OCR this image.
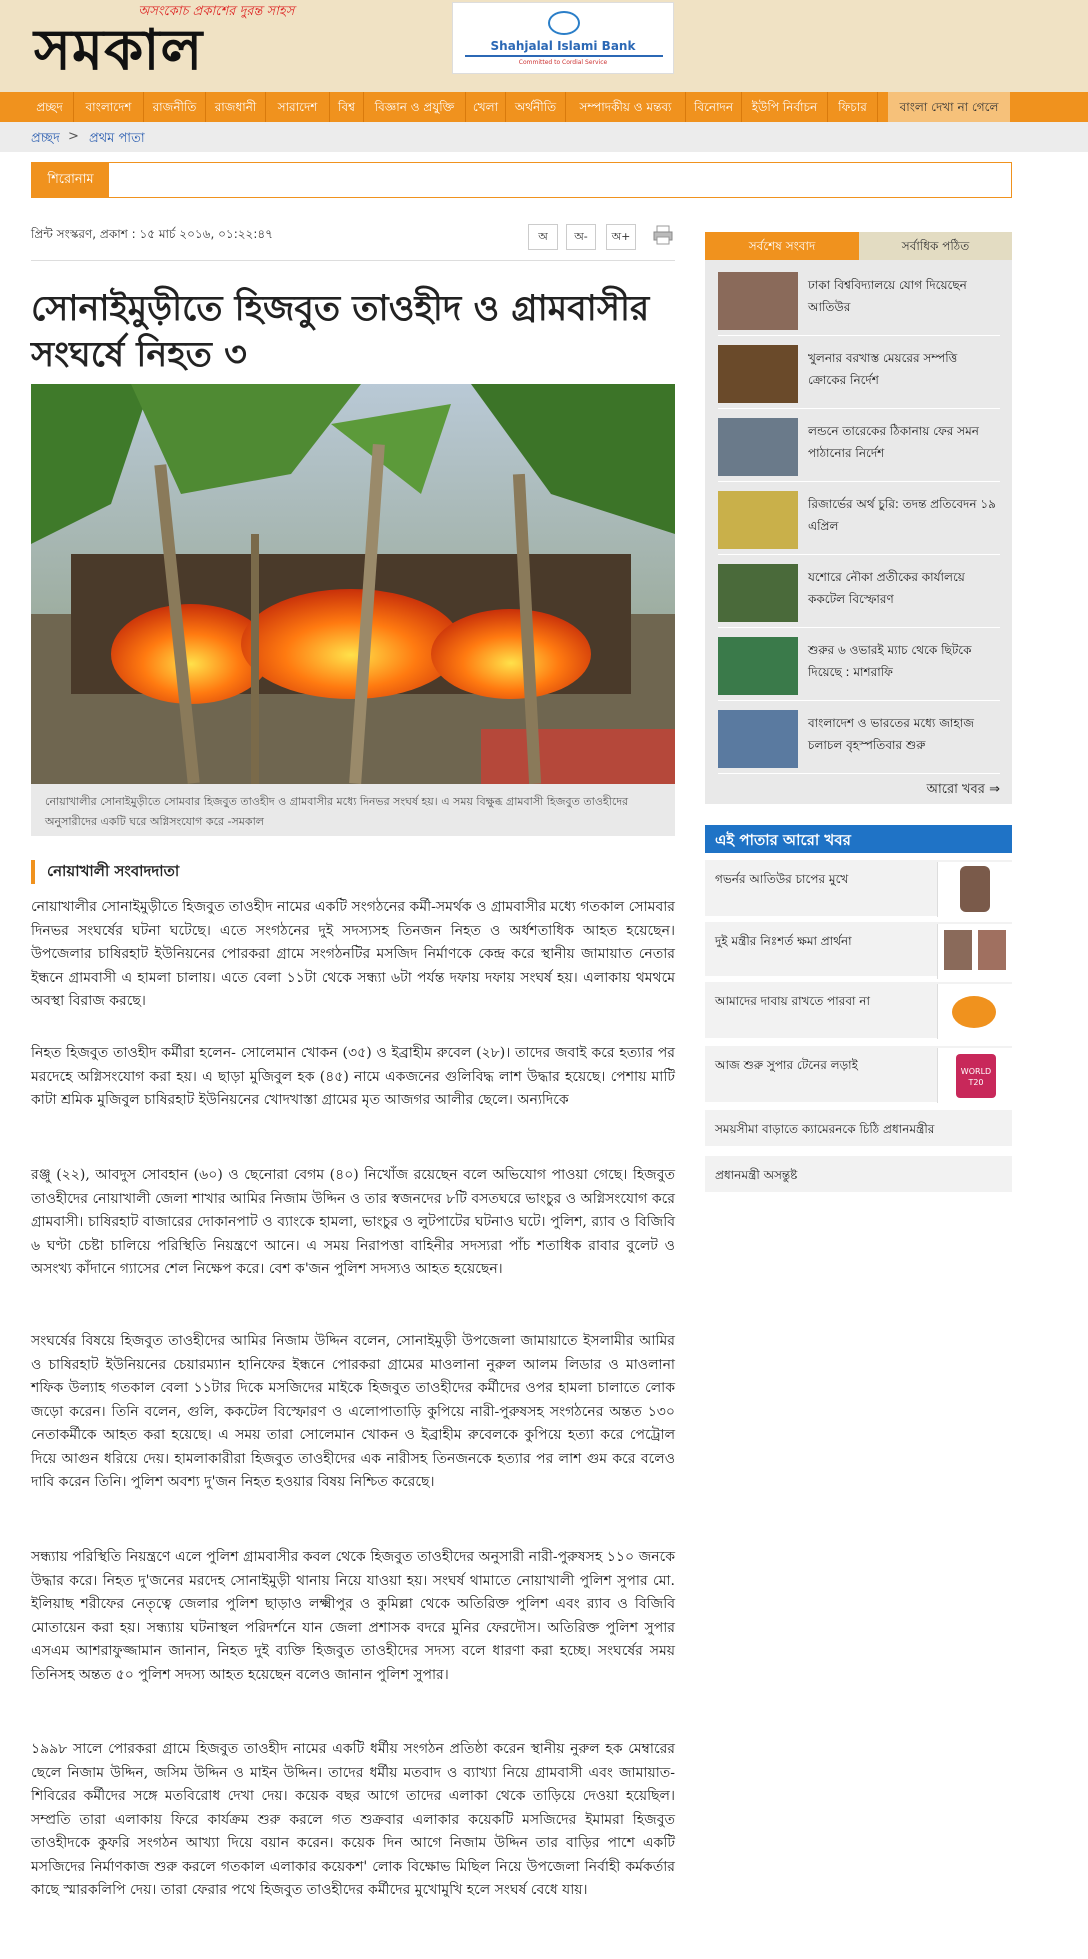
অসংকোচ প্রকাশের দুরন্ত সাহস
সমকাল	Shahjalal Islami Bank
Committed to Cordial Service
প্রচ্ছদ	বাংলাদেশ	রাজনীতি	রাজধানী	সারাদেশ	বিশ্ব	বিজ্ঞান ও প্রযুক্তি	খেলা	অর্থনীতি	সম্পাদকীয় ও মন্তব্য	বিনোদন	ইউপি নির্বাচন	ফিচার	বাংলা দেখা না গেলে
প্রচ্ছদ > প্রথম পাতা
শিরোনাম
প্রিন্ট সংস্করণ, প্রকাশ : ১৫ মার্চ ২০১৬, ০১:২২:৪৭	অ	অ-	অ+
সোনাইমুড়ীতে হিজবুত তাওহীদ ও গ্রামবাসীর সংঘর্ষে নিহত ৩
নোয়াখালীর সোনাইমুড়ীতে সোমবার হিজবুত তাওহীদ ও গ্রামবাসীর মধ্যে দিনভর সংঘর্ষ হয়। এ সময় বিক্ষুব্ধ গ্রামবাসী হিজবুত তাওহীদের অনুসারীদের একটি ঘরে অগ্নিসংযোগ করে -সমকাল
নোয়াখালী সংবাদদাতা

নোয়াখালীর সোনাইমুড়ীতে হিজবুত তাওহীদ নামের একটি সংগঠনের কর্মী-সমর্থক ও গ্রামবাসীর মধ্যে গতকাল সোমবার দিনভর সংঘর্ষের ঘটনা ঘটেছে। এতে সংগঠনের দুই সদস্যসহ তিনজন নিহত ও অর্ধশতাধিক আহত হয়েছেন। উপজেলার চাষিরহাট ইউনিয়নের পোরকরা গ্রামে সংগঠনটির মসজিদ নির্মাণকে কেন্দ্র করে স্থানীয় জামায়াত নেতার ইন্ধনে গ্রামবাসী এ হামলা চালায়। এতে বেলা ১১টা থেকে সন্ধ্যা ৬টা পর্যন্ত দফায় দফায় সংঘর্ষ হয়। এলাকায় থমথমে অবস্থা বিরাজ করছে।

নিহত হিজবুত তাওহীদ কর্মীরা হলেন- সোলেমান খোকন (৩৫) ও ইব্রাহীম রুবেল (২৮)। তাদের জবাই করে হত্যার পর মরদেহে অগ্নিসংযোগ করা হয়। এ ছাড়া মুজিবুল হক (৪৫) নামে একজনের গুলিবিদ্ধ লাশ উদ্ধার হয়েছে। পেশায় মাটি কাটা শ্রমিক মুজিবুল চাষিরহাট ইউনিয়নের খোদখাস্তা গ্রামের মৃত আজগর আলীর ছেলে। অন্যদিকে

রঞ্জু (২২), আবদুস সোবহান (৬০) ও ছেনোরা বেগম (৪০) নিখোঁজ রয়েছেন বলে অভিযোগ পাওয়া গেছে। হিজবুত তাওহীদের নোয়াখালী জেলা শাখার আমির নিজাম উদ্দিন ও তার স্বজনদের ৮টি বসতঘরে ভাংচুর ও অগ্নিসংযোগ করে গ্রামবাসী। চাষিরহাট বাজারের দোকানপাট ও ব্যাংকে হামলা, ভাংচুর ও লুটপাটের ঘটনাও ঘটে। পুলিশ, র‍্যাব ও বিজিবি ৬ ঘণ্টা চেষ্টা চালিয়ে পরিস্থিতি নিয়ন্ত্রণে আনে। এ সময় নিরাপত্তা বাহিনীর সদস্যরা পাঁচ শতাধিক রাবার বুলেট ও অসংখ্য কাঁদানে গ্যাসের শেল নিক্ষেপ করে। বেশ ক'জন পুলিশ সদস্যও আহত হয়েছেন।

সংঘর্ষের বিষয়ে হিজবুত তাওহীদের আমির নিজাম উদ্দিন বলেন, সোনাইমুড়ী উপজেলা জামায়াতে ইসলামীর আমির ও চাষিরহাট ইউনিয়নের চেয়ারম্যান হানিফের ইন্ধনে পোরকরা গ্রামের মাওলানা নুরুল আলম লিডার ও মাওলানা শফিক উল্যাহ গতকাল বেলা ১১টার দিকে মসজিদের মাইকে হিজবুত তাওহীদের কর্মীদের ওপর হামলা চালাতে লোক জড়ো করেন। তিনি বলেন, গুলি, ককটেল বিস্ফোরণ ও এলোপাতাড়ি কুপিয়ে নারী-পুরুষসহ সংগঠনের অন্তত ১৩০ নেতাকর্মীকে আহত করা হয়েছে। এ সময় তারা সোলেমান খোকন ও ইব্রাহীম রুবেলকে কুপিয়ে হত্যা করে পেট্রোল দিয়ে আগুন ধরিয়ে দেয়। হামলাকারীরা হিজবুত তাওহীদের এক নারীসহ তিনজনকে হত্যার পর লাশ গুম করে বলেও দাবি করেন তিনি। পুলিশ অবশ্য দু'জন নিহত হওয়ার বিষয় নিশ্চিত করেছে।

সন্ধ্যায় পরিস্থিতি নিয়ন্ত্রণে এলে পুলিশ গ্রামবাসীর কবল থেকে হিজবুত তাওহীদের অনুসারী নারী-পুরুষসহ ১১০ জনকে উদ্ধার করে। নিহত দু'জনের মরদেহ সোনাইমুড়ী থানায় নিয়ে যাওয়া হয়। সংঘর্ষ থামাতে নোয়াখালী পুলিশ সুপার মো. ইলিয়াছ শরীফের নেতৃত্বে জেলার পুলিশ ছাড়াও লক্ষ্মীপুর ও কুমিল্লা থেকে অতিরিক্ত পুলিশ এবং র‍্যাব ও বিজিবি মোতায়েন করা হয়। সন্ধ্যায় ঘটনাস্থল পরিদর্শনে যান জেলা প্রশাসক বদরে মুনির ফেরদৌস। অতিরিক্ত পুলিশ সুপার এসএম আশরাফুজ্জামান জানান, নিহত দুই ব্যক্তি হিজবুত তাওহীদের সদস্য বলে ধারণা করা হচ্ছে। সংঘর্ষের সময় তিনিসহ অন্তত ৫০ পুলিশ সদস্য আহত হয়েছেন বলেও জানান পুলিশ সুপার।

১৯৯৮ সালে পোরকরা গ্রামে হিজবুত তাওহীদ নামের একটি ধর্মীয় সংগঠন প্রতিষ্ঠা করেন স্থানীয় নুরুল হক মেম্বারের ছেলে নিজাম উদ্দিন, জসিম উদ্দিন ও মাইন উদ্দিন। তাদের ধর্মীয় মতবাদ ও ব্যাখ্যা নিয়ে গ্রামবাসী এবং জামায়াত-শিবিরের কর্মীদের সঙ্গে মতবিরোধ দেখা দেয়। কয়েক বছর আগে তাদের এলাকা থেকে তাড়িয়ে দেওয়া হয়েছিল। সম্প্রতি তারা এলাকায় ফিরে কার্যক্রম শুরু করলে গত শুক্রবার এলাকার কয়েকটি মসজিদের ইমামরা হিজবুত তাওহীদকে কুফরি সংগঠন আখ্যা দিয়ে বয়ান করেন। কয়েক দিন আগে নিজাম উদ্দিন তার বাড়ির পাশে একটি মসজিদের নির্মাণকাজ শুরু করলে গতকাল এলাকার কয়েকশ' লোক বিক্ষোভ মিছিল নিয়ে উপজেলা নির্বাহী কর্মকর্তার কাছে স্মারকলিপি দেয়। তারা ফেরার পথে হিজবুত তাওহীদের কর্মীদের মুখোমুখি হলে সংঘর্ষ বেধে যায়।

সর্বশেষ সংবাদ	সর্বাধিক পঠিত
ঢাকা বিশ্ববিদ্যালয়ে যোগ দিয়েছেন আতিউর
খুলনার বরখাস্ত মেয়রের সম্পত্তি ক্রোকের নির্দেশ
লন্ডনে তারেকের ঠিকানায় ফের সমন পাঠানোর নির্দেশ
রিজার্ভের অর্থ চুরি: তদন্ত প্রতিবেদন ১৯ এপ্রিল
যশোরে নৌকা প্রতীকের কার্যালয়ে ককটেল বিস্ফোরণ
শুরুর ৬ ওভারই ম্যাচ থেকে ছিটকে দিয়েছে : মাশরাফি
বাংলাদেশ ও ভারতের মধ্যে জাহাজ চলাচল বৃহস্পতিবার শুরু
আরো খবর ⇒
এই পাতার আরো খবর
গভর্নর আতিউর চাপের মুখে
দুই মন্ত্রীর নিঃশর্ত ক্ষমা প্রার্থনা
আমাদের দাবায় রাখতে পারবা না
আজ শুরু সুপার টেনের লড়াই	WORLD T20
সময়সীমা বাড়াতে ক্যামেরনকে চিঠি প্রধানমন্ত্রীর
প্রধানমন্ত্রী অসন্তুষ্ট
